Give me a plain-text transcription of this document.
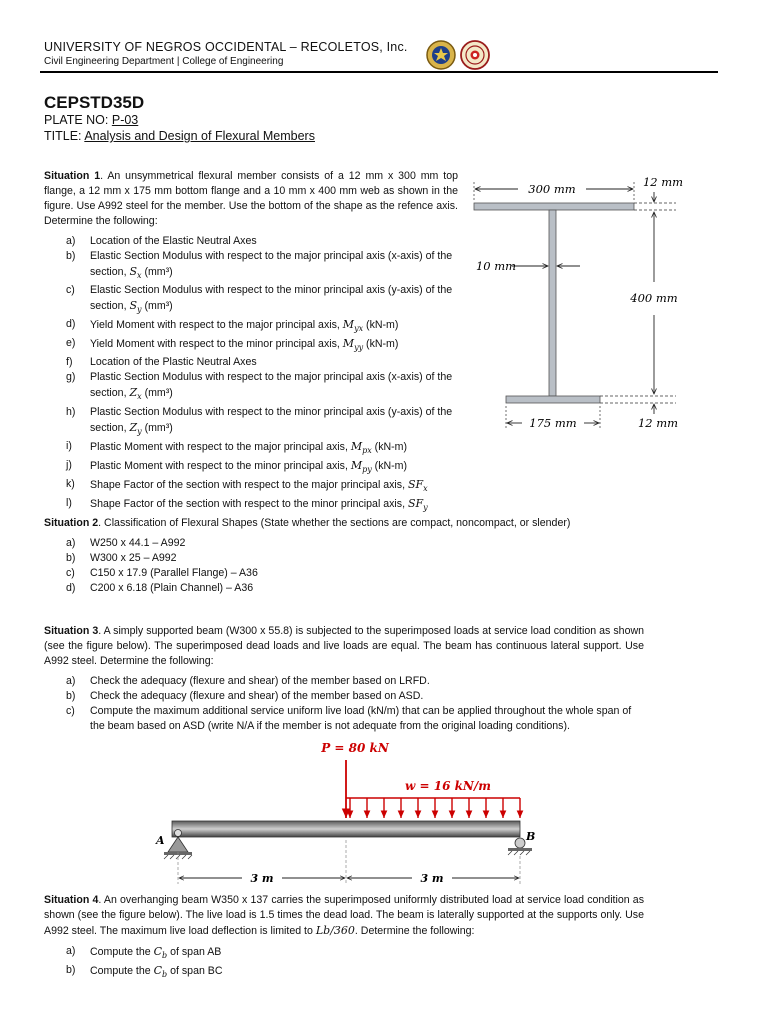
UNIVERSITY OF NEGROS OCCIDENTAL – RECOLETOS, Inc.
Civil Engineering Department | College of Engineering
CEPSTD35D
PLATE NO: P-03
TITLE: Analysis and Design of Flexural Members
Situation 1. An unsymmetrical flexural member consists of a 12 mm x 300 mm top flange, a 12 mm x 175 mm bottom flange and a 10 mm x 400 mm web as shown in the figure. Use A992 steel for the member. Use the bottom of the shape as the refence axis. Determine the following:
a) Location of the Elastic Neutral Axes
b) Elastic Section Modulus with respect to the major principal axis (x-axis) of the section, $S_x$ (mm³)
c) Elastic Section Modulus with respect to the minor principal axis (y-axis) of the section, $S_y$ (mm³)
d) Yield Moment with respect to the major principal axis, $M_{yx}$ (kN-m)
e) Yield Moment with respect to the minor principal axis, $M_{yy}$ (kN-m)
f) Location of the Plastic Neutral Axes
g) Plastic Section Modulus with respect to the major principal axis (x-axis) of the section, $Z_x$ (mm³)
h) Plastic Section Modulus with respect to the minor principal axis (y-axis) of the section, $Z_y$ (mm³)
i) Plastic Moment with respect to the major principal axis, $M_{px}$ (kN-m)
j) Plastic Moment with respect to the minor principal axis, $M_{py}$ (kN-m)
k) Shape Factor of the section with respect to the major principal axis, $SF_x$
l) Shape Factor of the section with respect to the minor principal axis, $SF_y$
300 mm	12 mm
10 mm
400 mm
12 mm
175 mm
Situation 2. Classification of Flexural Shapes (State whether the sections are compact, noncompact, or slender)
a) W250 x 44.1 – A992
b) W300 x 25 – A992
c) C150 x 17.9 (Parallel Flange) – A36
d) C200 x 6.18 (Plain Channel) – A36
Situation 3. A simply supported beam (W300 x 55.8) is subjected to the superimposed loads at service load condition as shown (see the figure below). The superimposed dead loads and live loads are equal. The beam has continuous lateral support. Use A992 steel. Determine the following:
a) Check the adequacy (flexure and shear) of the member based on LRFD.
b) Check the adequacy (flexure and shear) of the member based on ASD.
c) Compute the maximum additional service uniform live load (kN/m) that can be applied throughout the whole span of the beam based on ASD (write N/A if the member is not adequate from the original loading conditions).
P = 80 kN
w = 16 kN/m
A	B
3 m	3 m
Situation 4. An overhanging beam W350 x 137 carries the superimposed uniformly distributed load at service load condition as shown (see the figure below). The live load is 1.5 times the dead load. The beam is laterally supported at the supports only. Use A992 steel. The maximum live load deflection is limited to Lb/360. Determine the following:
a) Compute the $C_b$ of span AB
b) Compute the $C_b$ of span BC
